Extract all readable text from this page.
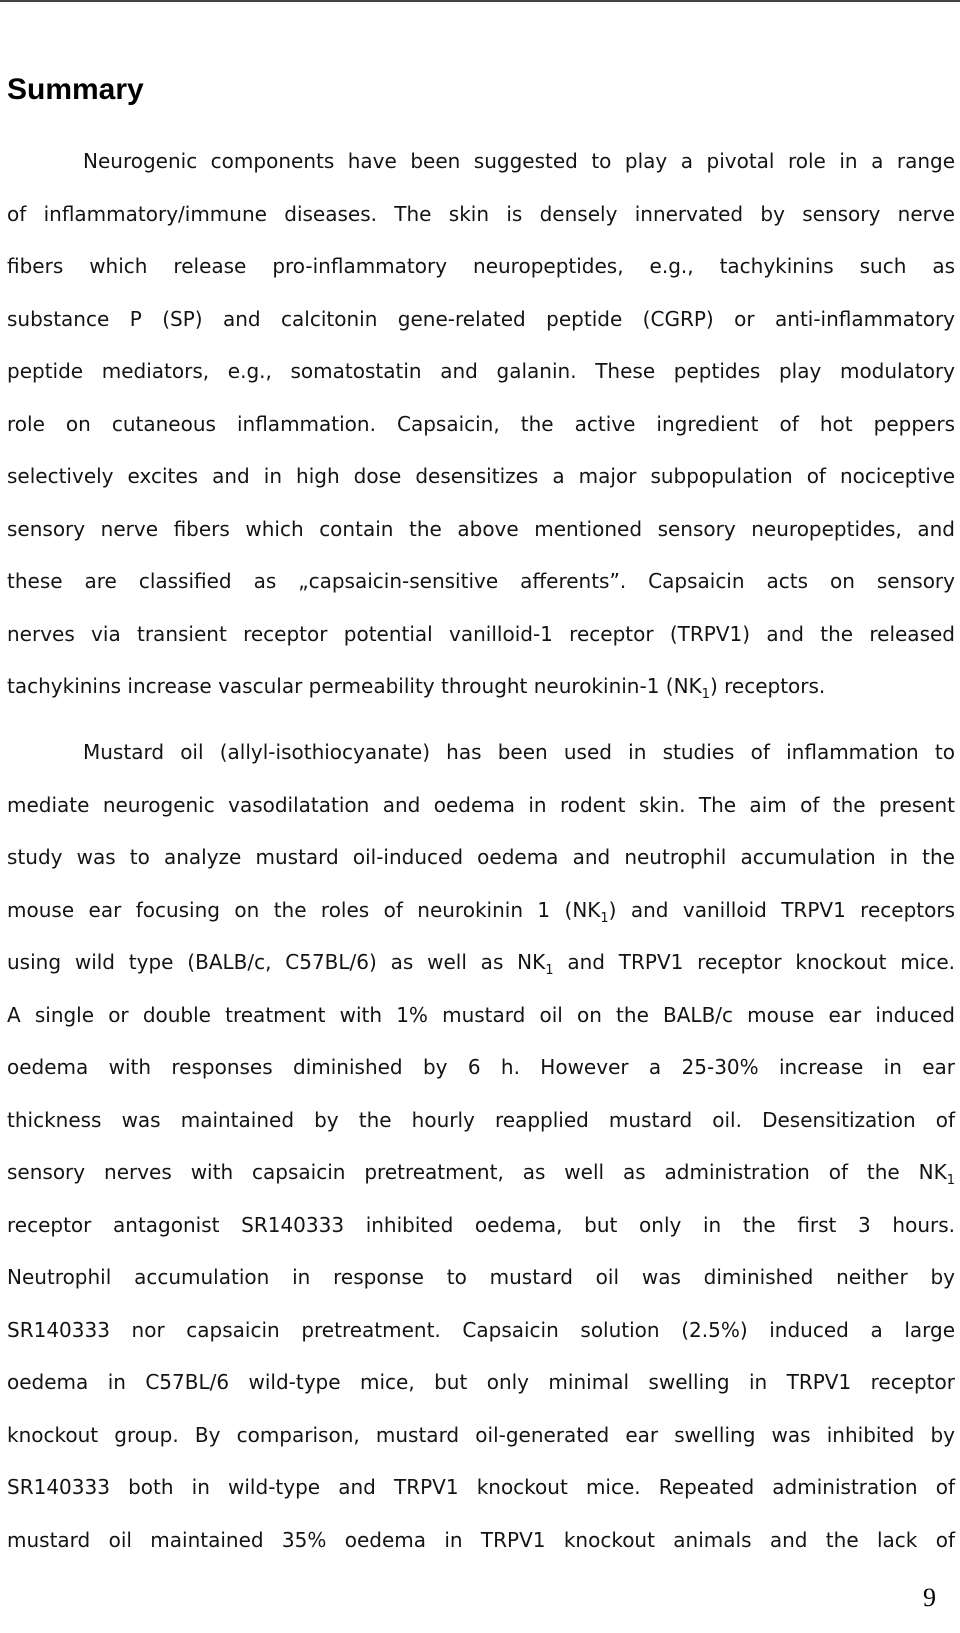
Summary
Neurogenic components have been suggested to play a pivotal role in a range
of inflammatory/immune diseases. The skin is densely innervated by sensory nerve
fibers which release pro-inflammatory neuropeptides, e.g., tachykinins such as
substance P (SP) and calcitonin gene-related peptide (CGRP) or anti-inflammatory
peptide mediators, e.g., somatostatin and galanin. These peptides play modulatory
role on cutaneous inflammation. Capsaicin, the active ingredient of hot peppers
selectively excites and in high dose desensitizes a major subpopulation of nociceptive
sensory nerve fibers which contain the above mentioned sensory neuropeptides, and
these are classified as „capsaicin-sensitive afferents”. Capsaicin acts on sensory
nerves via transient receptor potential vanilloid-1 receptor (TRPV1) and the released
tachykinins increase vascular permeability throught neurokinin-1 $(NK_1)$ receptors.
Mustard oil (allyl-isothiocyanate) has been used in studies of inflammation to
mediate neurogenic vasodilatation and oedema in rodent skin. The aim of the present
study was to analyze mustard oil-induced oedema and neutrophil accumulation in the
mouse ear focusing on the roles of neurokinin 1 $(NK_1)$ and vanilloid TRPV1 receptors
using wild type (BALB/c, C57BL/6) as well as $NK_1$ and TRPV1 receptor knockout mice.
A single or double treatment with 1% mustard oil on the BALB/c mouse ear induced
oedema with responses diminished by 6 h. However a 25-30% increase in ear
thickness was maintained by the hourly reapplied mustard oil. Desensitization of
sensory nerves with capsaicin pretreatment, as well as administration of the $NK_1$
receptor antagonist SR140333 inhibited oedema, but only in the first 3 hours.
Neutrophil accumulation in response to mustard oil was diminished neither by
SR140333 nor capsaicin pretreatment. Capsaicin solution (2.5%) induced a large
oedema in C57BL/6 wild-type mice, but only minimal swelling in TRPV1 receptor
knockout group. By comparison, mustard oil-generated ear swelling was inhibited by
SR140333 both in wild-type and TRPV1 knockout mice. Repeated administration of
mustard oil maintained 35% oedema in TRPV1 knockout animals and the lack of
9
